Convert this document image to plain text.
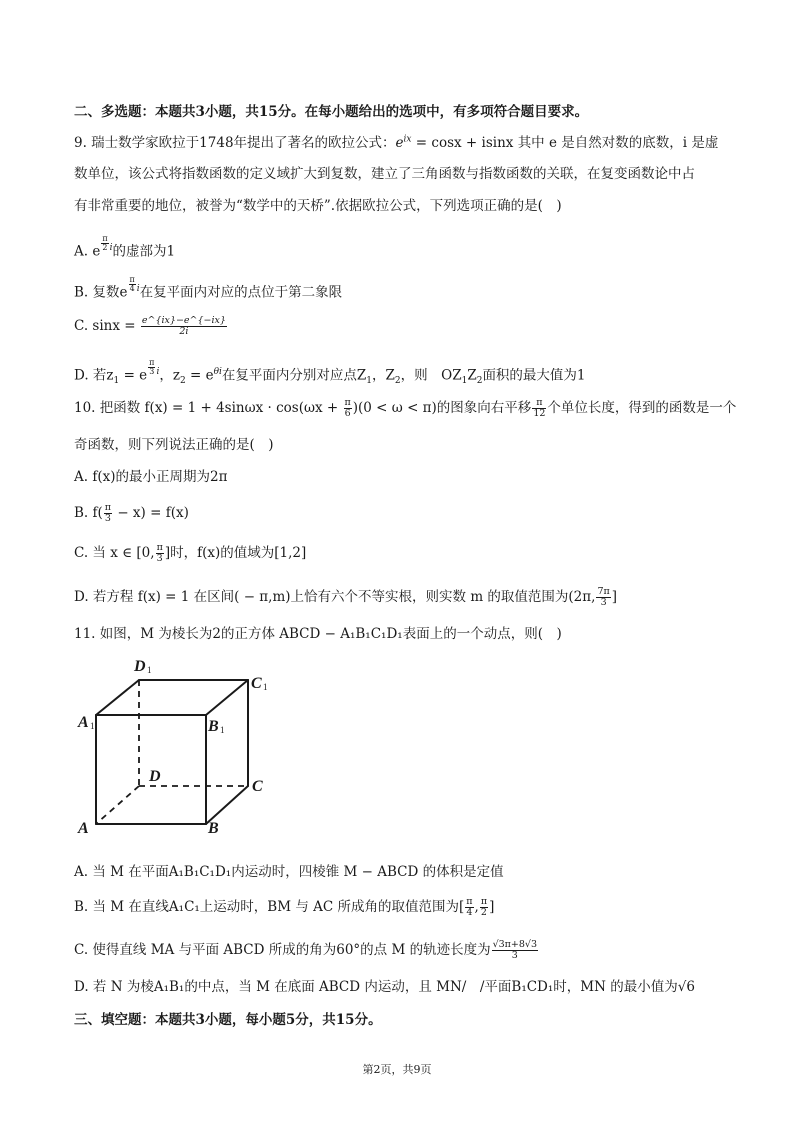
二、多选题：本题共3小题，共15分。在每小题给出的选项中，有多项符合题目要求。
9. 瑞士数学家欧拉于1748年提出了著名的欧拉公式：$e^{ix} = \cos x + isinx$ 其中 e 是自然对数的底数，i 是虚
数单位，该公式将指数函数的定义域扩大到复数，建立了三角函数与指数函数的关联，在复变函数论中占
有非常重要的地位，被誉为“数学中的天桥”.依据欧拉公式，下列选项正确的是(　)
A. e $\frac{\pi}{2} ^i$的虚部为1
B. 复数e $\frac{\pi}{4} ^i$在复平面内对应的点位于第二象限
C. $\sin x = \frac{e\^{}\{ix\}-e\^{}\{-ix\}}{2i}$
D. 若$z_1 = e \frac{\pi}{3} ^i$，$z_2 = e^{\theta i}$在复平面内分别对应点$Z_1$，$Z_2$，则　$OZ_1Z_2$面积的最大值为1
10. 把函数 $f(x) = 1 + 4\sin\omega x \cdot \cos(\omega x + \frac{\pi}{6} )(0 < \omega < \pi)$的图象向右平移 $\frac{\pi}{12}$ 个单位长度，得到的函数是一个
奇函数，则下列说法正确的是(　)
A. f(x)的最小正周期为2π
B. $f( \frac{\pi}{3} - x) = f(x)$
C. 当 x ∈ [0, $\frac{\pi}{3}$ ]时，f(x)的值域为[1,2]
D. 若方程 f(x) = 1 在区间( − π,m)上恰有六个不等实根，则实数 m 的取值范围为(2π, $\frac{7\pi}{3}$ ]
11. 如图，M 为棱长为2的正方体 ABCD − A₁B₁C₁D₁表面上的一个动点，则(　)
A	B
C
D
A	B
C
D
1	1
1
1
A. 当 M 在平面A₁B₁C₁D₁内运动时，四棱锥 M − ABCD 的体积是定值
B. 当 M 在直线A₁C₁上运动时，BM 与 AC 所成角的取值范围为[ $\frac{\pi}{4}$ , $\frac{\pi}{2}$ ]
C. 使得直线 MA 与平面 ABCD 所成的角为60°的点 M 的轨迹长度为 $\frac{√3\pi+8√3}{3}$
D. 若 N 为棱A₁B₁的中点，当 M 在底面 ABCD 内运动，且 MN/　/平面B₁CD₁时，MN 的最小值为√6
三、填空题：本题共3小题，每小题5分，共15分。
第2页，共9页
